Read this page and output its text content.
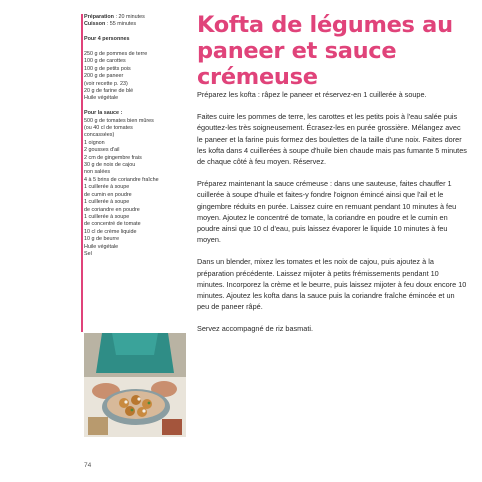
Préparation : 20 minutes

Cuisson : 55 minutes

Pour 4 personnes

250 g de pommes de terre

100 g de carottes

100 g de petits pois

200 g de paneer

(voir recette p. 23)

20 g de farine de blé

Huile végétale

Pour la sauce :

500 g de tomates bien mûres

(ou 40 cl de tomates

concassées)

1 oignon

2 gousses d'ail

2 cm de gingembre frais

30 g de noix de cajou

non salées

4 à 5 brins de coriandre fraîche

1 cuillerée à soupe

de cumin en poudre

1 cuillerée à soupe

de coriandre en poudre

1 cuillerée à soupe

de concentré de tomate

10 cl de crème liquide

10 g de beurre

Huile végétale

Sel

Kofta de légumes au paneer et sauce crémeuse

Préparez les kofta : râpez le paneer et réservez-en 1 cuillerée à soupe.

Faites cuire les pommes de terre, les carottes et les petits pois à l'eau salée puis égouttez-les très soigneusement. Écrasez-les en purée grossière. Mélangez avec le paneer et la farine puis formez des boulettes de la taille d'une noix. Faites dorer les kofta dans 4 cuillerées à soupe d'huile bien chaude mais pas fumante 5 minutes de chaque côté à feu moyen. Réservez.

Préparez maintenant la sauce crémeuse : dans une sauteuse, faites chauffer 1 cuillerée à soupe d'huile et faites-y fondre l'oignon émincé ainsi que l'ail et le gingembre réduits en purée. Laissez cuire en remuant pendant 10 minutes à feu moyen. Ajoutez le concentré de tomate, la coriandre en poudre et le cumin en poudre ainsi que 10 cl d'eau, puis laissez évaporer le liquide 10 minutes à feu moyen.

Dans un blender, mixez les tomates et les noix de cajou, puis ajoutez à la préparation précédente. Laissez mijoter à petits frémissements pendant 10 minutes. Incorporez la crème et le beurre, puis laissez mijoter à feu doux encore 10 minutes. Ajoutez les kofta dans la sauce puis la coriandre fraîche émincée et un peu de paneer râpé.

Servez accompagné de riz basmati.

74
